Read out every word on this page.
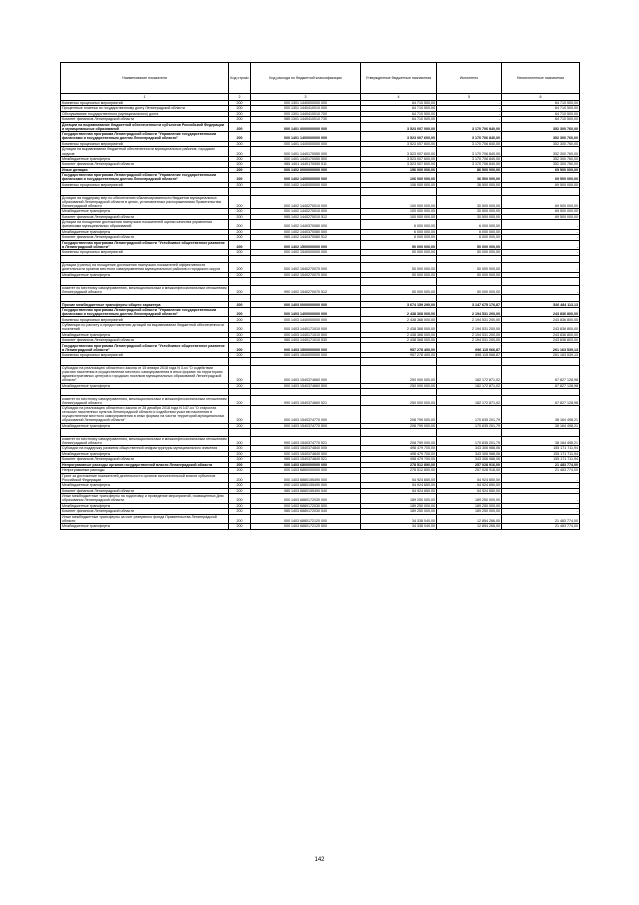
Наименование показателя	Код строки	Код расхода по бюджетной классификации	Утвержденные бюджетные назначения	Исполнено	Неисполненные назначения
1	2	3	4	5	6
Компенсы процессных мероприятий	200	000 1301 1440000000 000	64 710 500,00	-	64 710 500,00
Процентные платежи по государственному долгу Ленинградской области	200	000 1301 1440410010 000	64 710 500,00	-	64 710 500,00
Обслуживание государственного (муниципального) долга	200	000 1301 1440410010 700	64 710 500,00	-	64 710 500,00
Комитет финансов Ленинградской области	200	985 1301 1440410010 730	64 710 500,00	-	64 710 500,00
Дотации на выравнивание бюджетной обеспеченности субъектов Российской Федерации и муниципальных образований	200	000 1401 0000000000 000	3 523 007 000,00	3 170 706 840,00	352 300 760,00
Государственная программа Ленинградской области "Управление государственными финансами и государственным долгом Ленинградской области"	200	000 1401 1400000000 000	3 523 007 600,00	3 170 706 840,00	352 300 760,00
Компенсы процессных мероприятий	200	000 1401 1440000000 000	3 523 007 600,00	3 170 706 840,00	352 300 760,00
Дотации на выравнивание бюджетной обеспеченности муниципальных районов, городских округов	200	000 1401 1440170050 000	3 523 007 600,00	3 170 706 840,00	352 300 760,00
Межбюджетные трансферты	200	000 1401 1440170050 500	3 523 007 600,00	3 170 706 840,00	352 300 760,00
Комитет финансов Ленинградской области	200	985 1401 1440170050 511	3 523 007 600,00	3 170 706 840,00	352 300 760,00
Иные дотации	200	000 1402 0000000000 000	156 000 000,00	86 500 000,00	69 500 000,00
Государственная программа Ленинградской области "Управление государственными финансами и государственным долгом Ленинградской области"	200	000 1402 1400000000 000	106 000 000,00	36 500 000,00	69 500 000,00
Компенсы процессных мероприятий	200	000 1402 1440000000 000	106 000 000,00	36 500 000,00	69 500 000,00

Дотации на поддержку мер по обеспечению сбалансированности бюджетов муниципальных образований Ленинградской области в целях, установленных распоряжениями Правительства Ленинградской области	200	000 1402 1440270010 000	100 000 000,00	30 500 000,00	69 500 000,00
Межбюджетные трансферты	200	000 1402 1440270010 500	100 000 000,00	30 500 000,00	69 500 000,00
Комитет финансов Ленинградской области	200	985 1402 1440270010 512	100 000 000,00	30 500 000,00	69 500 000,00
Дотации на поощрение достижения наилучших показателей оценки качества управления финансами муниципальных образований	200	000 1402 1440370080 000	6 000 000,00	6 000 000,00	-
Межбюджетные трансферты	200	000 1402 1440370080 500	6 000 000,00	6 000 000,00	-
Комитет финансов Ленинградской области	200	985 1402 1440370080 512	6 000 000,00	6 000 000,00	-
Государственная программа Ленинградской области "Устойчивое общественное развитие в Ленинградской области"	200	000 1402 1500000000 000	50 000 000,00	50 000 000,00	-
Компенсы процессных мероприятий	200	000 1402 1540000000 000	50 000 000,00	50 000 000,00	-

Дотации (гранты) на поощрение достижения наилучших показателей эффективности деятельности органов местного самоуправления муниципальных районов и городского округа	200	000 1402 1540270070 000	50 000 000,00	50 000 000,00	-
Межбюджетные трансферты	200	000 1402 1540270070 500	50 000 000,00	50 000 000,00	-

комитет по местному самоуправлению, межнациональным и межконфессиональным отношениям Ленинградской области	200	990 1402 1540270070 512	50 000 000,00	50 000 000,00	-

Прочие межбюджетные трансферты общего характера	200	000 1403 0000000000 000	3 674 159 290,00	3 147 675 176,87	526 484 113,13
Государственная программа Ленинградской области "Управление государственными финансами и государственным долгом Ленинградской области"	200	000 1403 1400000000 000	2 438 368 000,00	2 194 531 200,00	243 836 800,00
Компенсы процессных мероприятий	200	000 1403 1440000000 000	2 438 368 000,00	2 194 531 200,00	243 836 800,00
Субвенции по расчету и предоставлению дотаций на выравнивание бюджетной обеспеченности поселений	200	000 1403 1440171010 000	2 438 368 000,00	2 194 531 200,00	243 836 800,00
Межбюджетные трансферты	200	000 1403 1440171010 500	2 438 368 000,00	2 194 531 200,00	243 836 800,00
Комитет финансов Ленинградской области	200	985 1403 1440171010 530	2 438 368 000,00	2 194 531 200,00	243 836 800,00
Государственная программа Ленинградской области "Устойчивое общественное развитие в Ленинградской области"	200	000 1403 1500000000 000	957 278 400,00	696 115 066,87	261 163 539,13
Компенсы процессных мероприятий	200	000 1403 1540000000 000	957 278 400,00	696 115 066,87	261 163 539,13

Субсидии на реализацию областного закона от 15 января 2018 года N 3-оз "О содействии участию населения в осуществлении местного самоуправления в иных формах на территориях административных центров и городских поселков муниципальных образований Ленинградской области"	200	000 1403 1540374660 000	250 000 000,00	182 172 871,02	67 827 128,98
Межбюджетные трансферты	200	000 1403 1540374660 500	250 000 000,00	182 172 871,02	67 827 128,98

комитет по местному самоуправлению, межнациональным и межконфессиональным отношениям Ленинградской области	200	990 1403 1540374660 521	250 000 000,00	182 172 871,02	67 827 128,98
Субсидии на реализацию областного закона от 28 декабря 2018 года N 147-оз "О старостах сельских населенных пунктов Ленинградской области и содействии участию населения в осуществлении местного самоуправления в иных формах на частях территорий муниципальных образований Ленинградской области"	200	000 1403 1540374770 000	208 799 000,00	170 635 201,79	38 164 498,21
Межбюджетные трансферты	200	000 1403 1540374770 500	208 799 000,00	170 635 201,79	38 164 498,21

комитет по местному самоуправлению, межнациональным и межконфессиональным отношениям Ленинградской области	200	990 1403 1540374770 521	208 799 000,00	170 635 201,79	38 164 498,21
Субсидии на поддержку развития общественной инфраструктуры муниципального значения	200	000 1403 1540374840 000	498 479 700,00	343 306 988,06	155 171 711,94
Межбюджетные трансферты	200	000 1403 1540374840 500	498 479 700,00	343 306 988,06	155 171 711,94
Комитет финансов Ленинградской области	200	985 1403 1540374840 521	498 479 700,00	343 306 988,06	155 171 711,94
Непрограммные расходы органов государственной власти Ленинградской области	200	000 1403 6800000000 000	278 512 890,00	257 028 916,00	21 483 774,00
Непрограммные расходы	200	000 1403 6880000000 000	278 512 890,00	257 028 916,00	21 483 774,00
Грант за достижение показателей деятельности органов исполнительной власти субъектов Российской Федерации	200	000 1403 6880155490 000	54 924 650,00	54 924 650,00	-
Межбюджетные трансферты	200	000 1403 6880155490 500	54 924 650,00	54 924 650,00	-
Комитет финансов Ленинградской области	200	985 1403 6880155490 540	54 924 650,00	54 924 650,00	-
Иные межбюджетные трансферты на подготовку и проведение мероприятий, посвященных Дню образования Ленинградской области	200	000 1403 6880172030 000	189 250 000,00	189 250 000,00	-
Межбюджетные трансферты	200	000 1403 6880172030 500	189 250 000,00	189 250 000,00	-
Комитет финансов Ленинградской области	200	985 1403 6880172030 540	189 250 000,00	189 250 000,00	-
Иные межбюджетные трансферты за счет резервного фонда Правительства Ленинградской области	200	000 1403 6880172120 000	34 338 040,00	12 854 266,00	21 483 774,00
Межбюджетные трансферты	200	000 1403 6880172120 500	34 338 040,00	12 854 266,00	21 483 774,00
142
